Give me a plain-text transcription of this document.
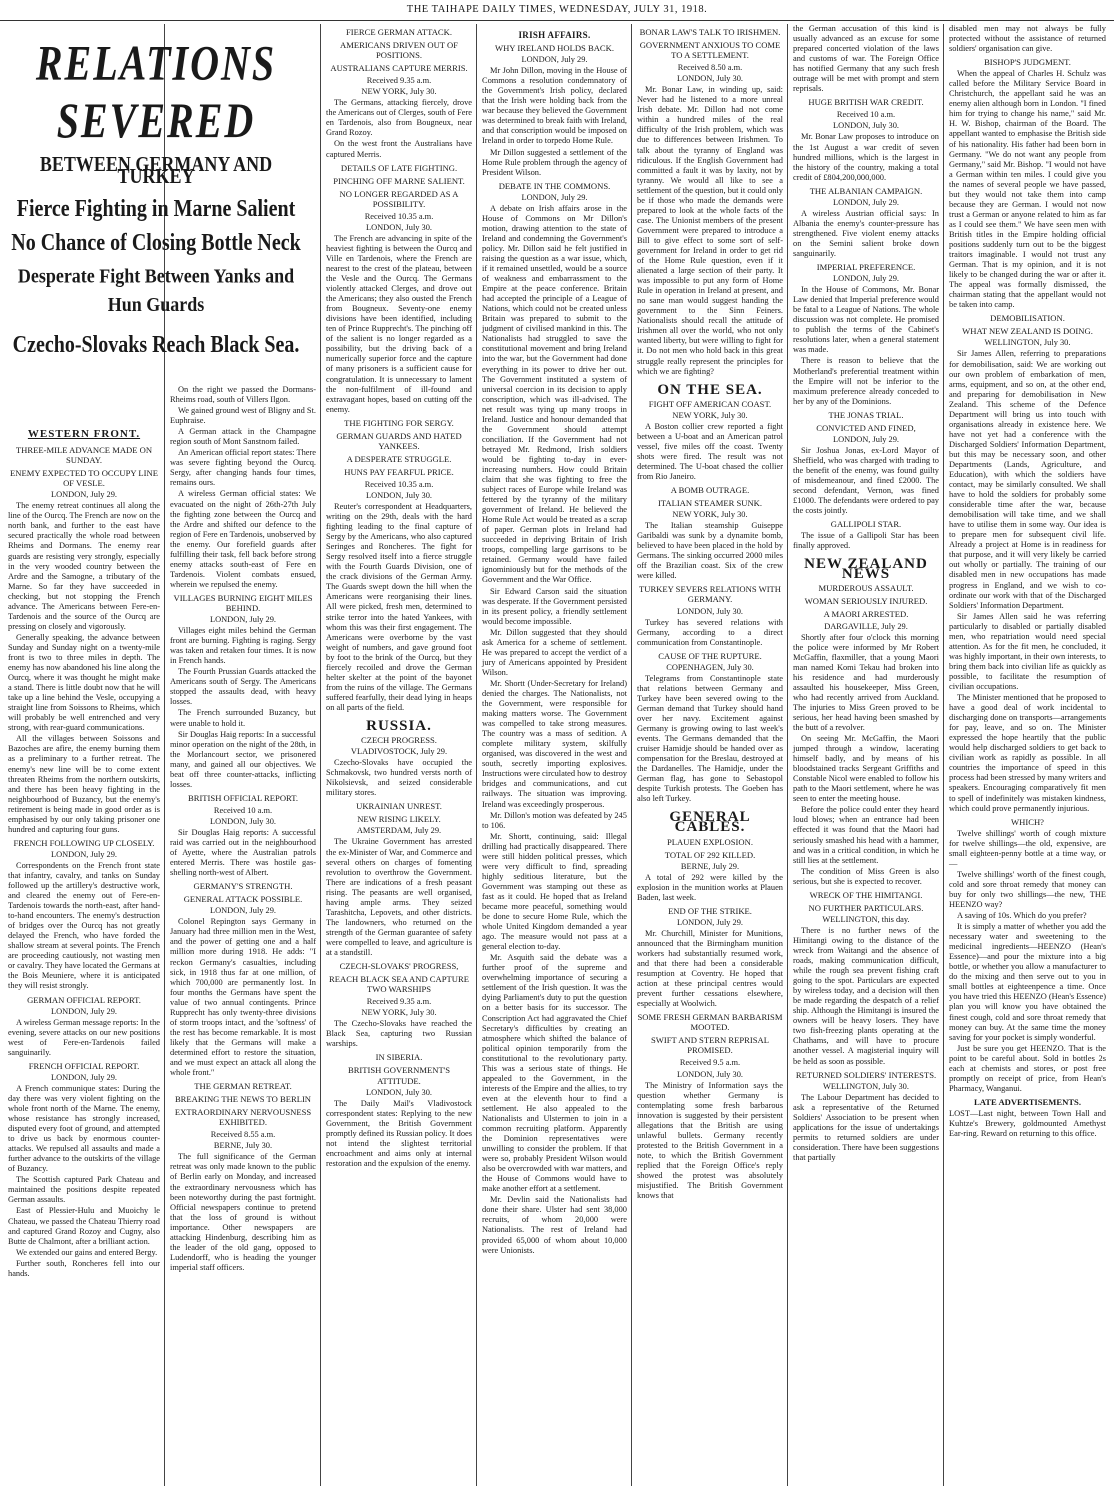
THE TAIHAPE DAILY TIMES, WEDNESDAY, JULY 31, 1918.
RELATIONS SEVERED
BETWEEN GERMANY AND TURKEY
Fierce Fighting in Marne Salient
No Chance of Closing Bottle Neck
Desperate Fight Between Yanks and Hun Guards
Czecho-Slovaks Reach Black Sea.
WESTERN FRONT.
THREE-MILE ADVANCE MADE ON SUNDAY.
ENEMY EXPECTED TO OCCUPY LINE OF VESLE.
LONDON, July 29.

The enemy retreat continues all along the line of the Ourcq. The French are now on the north bank, and further to the east have secured practically the whole road between Rheims and Dormans. The enemy rear guards are resisting very strongly, especially in the very wooded country between the Ardre and the Samogne, a tributary of the Marne. So far they have succeeded in checking, but not stopping the French advance. The Americans between Fere-en-Tardenois and the source of the Ourcq are pressing on closely and vigorously.

Generally speaking, the advance between Sunday and Sunday night on a twenty-mile front is two to three miles in depth. The enemy has now abandoned his line along the Ourcq, where it was thought he might make a stand. There is little doubt now that he will take up a line behind the Vesle, occupying a straight line from Soissons to Rheims, which will probably be well entrenched and very strong, with rear-guard communications.

All the villages between Soissons and Bazoches are afire, the enemy burning them as a preliminary to a further retreat. The enemy's new line will be to come extent threaten Rheims from the northern outskirts, and there has been heavy fighting in the neighbourhood of Buzancy, but the enemy's retirement is being made in good order as is emphasised by our only taking prisoner one hundred and capturing four guns.

FRENCH FOLLOWING UP CLOSELY.
LONDON, July 29.

Correspondents on the French front state that infantry, cavalry, and tanks on Sunday followed up the artillery's destructive work, and cleared the enemy out of Fere-en-Tardenois towards the north-east, after hand-to-hand encounters. The enemy's destruction of bridges over the Ourcq has not greatly delayed the French, who have forded the shallow stream at several points. The French are proceeding cautiously, not wasting men or cavalry. They have located the Germans at the Bois Meuniere, where it is anticipated they will resist strongly.

GERMAN OFFICIAL REPORT.
LONDON, July 29.

A wireless German message reports: In the evening, severe attacks on our new positions west of Fere-en-Tardenois failed sanguinarily.

FRENCH OFFICIAL REPORT.
LONDON, July 29.

A French communique states: During the day there was very violent fighting on the whole front north of the Marne. The enemy, whose resistance has strongly increased, disputed every foot of ground, and attempted to drive us back by enormous counter-attacks. We repulsed all assaults and made a further advance to the outskirts of the village of Buzancy.

The Scottish captured Park Chateau and maintained the positions despite repeated German assaults.

East of Plessier-Hulu and Muoichy le Chateau, we passed the Chateau Thierry road and captured Grand Rozoy and Cugny, also Butte de Chalmont, after a brilliant action.

We extended our gains and entered Bergy.

Further south, Roncheres fell into our hands.

On the right we passed the Dormans-Rheims road, south of Villers Ilgon.

We gained ground west of Bligny and St. Euphraise.

A German attack in the Champagne region south of Mont Sanstnom failed.

An American official report states: There was severe fighting beyond the Ourcq. Sergy, after changing hands four times, remains ours.

A wireless German official states: We evacuated on the night of 26th-27th July the fighting zone between the Ourcq and the Ardre and shifted our defence to the region of Fere en Tardenois, unobserved by the enemy. Our forefield guards after fulfilling their task, fell back before strong enemy attacks south-east of Fere en Tardenois. Violent combats ensued, wherein we repulsed the enemy.

VILLAGES BURNING EIGHT MILES BEHIND.
LONDON, July 29.

Villages eight miles behind the German front are burning. Fighting is raging. Sergy was taken and retaken four times. It is now in French hands.

The Fourth Prussian Guards attacked the Americans south of Sergy. The Americans stopped the assaults dead, with heavy losses.

The French surrounded Buzancy, but were unable to hold it.

Sir Douglas Haig reports: In a successful minor operation on the night of the 28th, in the Morlancourt sector, we prisonered many, and gained all our objectives. We beat off three counter-attacks, inflicting losses.

BRITISH OFFICIAL REPORT.
Received 10 a.m.
LONDON, July 30.

Sir Douglas Haig reports: A successful raid was carried out in the neighbourhood of Ayette, where the Australian patrols entered Merris. There was hostile gas-shelling north-west of Albert.

GERMANY'S STRENGTH.
GENERAL ATTACK POSSIBLE.
LONDON, July 29.

Colonel Repington says Germany in January had three million men in the West, and the power of getting one and a half million more during 1918. He adds: "I reckon Germany's casualties, including sick, in 1918 thus far at one million, of which 700,000 are permanently lost. In four months the Germans have spent the value of two annual contingents. Prince Rupprecht has only twenty-three divisions of storm troops intact, and the 'softness' of the rest has become remarkable. It is most likely that the Germans will make a determined effort to restore the situation, and we must expect an attack all along the whole front."

THE GERMAN RETREAT.
BREAKING THE NEWS TO BERLIN
EXTRAORDINARY NERVOUSNESS EXHIBITED.
Received 8.55 a.m.
BERNE, July 30.

The full significance of the German retreat was only made known to the public of Berlin early on Monday, and increased the extraordinary nervousness which has been noteworthy during the past fortnight. Official newspapers continue to pretend that the loss of ground is without importance. Other newspapers are attacking Hindenburg, describing him as the leader of the old gang, opposed to Ludendorff, who is heading the younger imperial staff officers.

FIERCE GERMAN ATTACK.
AMERICANS DRIVEN OUT OF POSITIONS.
AUSTRALIANS CAPTURE MERRIS.
Received 9.35 a.m.
NEW YORK, July 30.

The Germans, attacking fiercely, drove the Americans out of Clerges, south of Fere en Tardenois, also from Bougneux, near Grand Rozoy.

On the west front the Australians have captured Merris.

DETAILS OF LATE FIGHTING.
PINCHING OFF MARNE SALIENT.
NO LONGER REGARDED AS A POSSIBILITY.
Received 10.35 a.m.
LONDON, July 30.

The French are advancing in spite of the heaviest fighting is between the Ourcq and Ville en Tardenois, where the French are nearest to the crest of the plateau, between the Vesle and the Ourcq. The Germans violently attacked Clerges, and drove out the Americans; they also ousted the French from Bougneux. Seventy-one enemy divisions have been identified, including ten of Prince Rupprecht's. The pinching off of the salient is no longer regarded as a possibility, but the driving back of a numerically superior force and the capture of many prisoners is a sufficient cause for congratulation. It is unnecessary to lament the non-fulfilment of ill-found and extravagant hopes, based on cutting off the enemy.

THE FIGHTING FOR SERGY.
GERMAN GUARDS AND HATED YANKEES.
A DESPERATE STRUGGLE.
HUNS PAY FEARFUL PRICE.
Received 10.35 a.m.
LONDON, July 30.

Reuter's correspondent at Headquarters, writing on the 29th, deals with the hard fighting leading to the final capture of Sergy by the Americans, who also captured Seringes and Roncheres. The fight for Sergy resolved itself into a fierce struggle with the Fourth Guards Division, one of the crack divisions of the German Army. The Guards swept down the hill when the Americans were reorganising their lines. All were picked, fresh men, determined to strike terror into the hated Yankees, with whom this was their first engagement. The Americans were overborne by the vast weight of numbers, and gave ground foot by foot to the brink of the Ourcq, but they fiercely recoiled and drove the German helter skelter at the point of the bayonet from the ruins of the village. The Germans suffered fearfully, their dead lying in heaps on all parts of the field.

RUSSIA.
CZECH PROGRESS.
VLADIVOSTOCK, July 29.

Czecho-Slovaks have occupied the Schmakovsk, two hundred versts north of Nikolsievsk, and seized considerable military stores.

UKRAINIAN UNREST.
NEW RISING LIKELY.
AMSTERDAM, July 29.

The Ukraine Government has arrested the ex-Minister of War, and Commerce and several others on charges of fomenting revolution to overthrow the Government. There are indications of a fresh peasant rising. The peasants are well organised, having ample arms. They seized Tarashitcha, Lepovets, and other districts. The landowners, who returned on the strength of the German guarantee of safety were compelled to leave, and agriculture is at a standstill.

CZECH-SLOVAKS' PROGRESS,
REACH BLACK SEA AND CAPTURE TWO WARSHIPS
Received 9.35 a.m.
NEW YORK, July 30.

The Czecho-Slovaks have reached the Black Sea, capturing two Russian warships.

IN SIBERIA.
BRITISH GOVERNMENT'S ATTITUDE.
LONDON, July 30.

The Daily Mail's Vladivostock correspondent states: Replying to the new Government, the British Government promptly defined its Russian policy. It does not intend the slightest territorial encroachment and aims only at internal restoration and the expulsion of the enemy.

IRISH AFFAIRS.
WHY IRELAND HOLDS BACK.
LONDON, July 29.

Mr John Dillon, moving in the House of Commons a resolution condemnatory of the Government's Irish policy, declared that the Irish were holding back from the war because they believed the Government was determined to break faith with Ireland, and that conscription would be imposed on Ireland in order to torpedo Home Rule.

Mr Dillon suggested a settlement of the Home Rule problem through the agency of President Wilson.

DEBATE IN THE COMMONS.
LONDON, July 29.

A debate on Irish affairs arose in the House of Commons on Mr Dillon's motion, drawing attention to the state of Ireland and condemning the Government's policy. Mr. Dillon said he felt justified in raising the question as a war issue, which, if it remained unsettled, would be a source of weakness and embarrassment to the Empire at the peace conference. Britain had accepted the principle of a League of Nations, which could not be created unless Britain was prepared to submit to the judgment of civilised mankind in this. The Nationalists had struggled to save the constitutional movement and bring Ireland into the war, but the Government had done everything in its power to drive her out. The Government instituted a system of universal coercion in its decision to apply conscription, which was ill-advised. The net result was tying up many troops in Ireland. Justice and honour demanded that the Government should attempt conciliation. If the Government had not betrayed Mr. Redmond, Irish soldiers would be fighting to-day in ever-increasing numbers. How could Britain claim that she was fighting to free the subject races of Europe while Ireland was fettered by the tyranny of the military government of Ireland. He believed the Home Rule Act would be treated as a scrap of paper. German plots in Ireland had succeeded in depriving Britain of Irish troops, compelling large garrisons to be retained. Germany would have failed ignominiously but for the methods of the Government and the War Office.

Sir Edward Carson said the situation was desperate. If the Government persisted in its present policy, a friendly settlement would become impossible.

Mr. Dillon suggested that they should ask America for a scheme of settlement. He was prepared to accept the verdict of a jury of Americans appointed by President Wilson.

Mr. Shortt (Under-Secretary for Ireland) denied the charges. The Nationalists, not the Government, were responsible for making matters worse. The Government was compelled to take strong measures. The country was a mass of sedition. A complete military system, skilfully organised, was discovered in the west and south, secretly importing explosives. Instructions were circulated how to destroy bridges and communications, and cut railways. The situation was improving. Ireland was exceedingly prosperous.

Mr. Dillon's motion was defeated by 245 to 106.

Mr. Shortt, continuing, said: Illegal drilling had practically disappeared. There were still hidden political presses, which were very difficult to find, spreading highly seditious literature, but the Government was stamping out these as fast as it could. He hoped that as Ireland became more peaceful, something would be done to secure Home Rule, which the whole United Kingdom demanded a year ago. The measure would not pass at a general election to-day.

Mr. Asquith said the debate was a further proof of the supreme and overwhelming importance of securing a settlement of the Irish question. It was the dying Parliament's duty to put the question on a better basis for its successor. The Conscription Act had aggravated the Chief Secretary's difficulties by creating an atmosphere which shifted the balance of political opinion temporarily from the constitutional to the revolutionary party. This was a serious state of things. He appealed to the Government, in the interests of the Empire and the allies, to try even at the eleventh hour to find a settlement. He also appealed to the Nationalists and Ulstermen to join in a common recruiting platform. Apparently the Dominion representatives were unwilling to consider the problem. If that were so, probably President Wilson would also be overcrowded with war matters, and the House of Commons would have to make another effort at a settlement.

Mr. Devlin said the Nationalists had done their share. Ulster had sent 38,000 recruits, of whom 20,000 were Nationalists. The rest of Ireland had provided 65,000 of whom about 10,000 were Unionists.

BONAR LAW'S TALK TO IRISHMEN.
GOVERNMENT ANXIOUS TO COME TO A SETTLEMENT.
Received 8.50 a.m.
LONDON, July 30.

Mr. Bonar Law, in winding up, said: Never had he listened to a more unreal Irish debate. Mr. Dillon had not come within a hundred miles of the real difficulty of the Irish problem, which was due to differences between Irishmen. To talk about the tyranny of England was ridiculous. If the English Government had committed a fault it was by laxity, not by tyranny. We would all like to see a settlement of the question, but it could only be if those who made the demands were prepared to look at the whole facts of the case. The Unionist members of the present Government were prepared to introduce a Bill to give effect to some sort of self-government for Ireland in order to get rid of the Home Rule question, even if it alienated a large section of their party. It was impossible to put any form of Home Rule in operation in Ireland at present, and no sane man would suggest handing the government to the Sinn Feiners. Nationalists should recall the attitude of Irishmen all over the world, who not only wanted liberty, but were willing to fight for it. Do not men who hold back in this great struggle really represent the principles for which we are fighting?

ON THE SEA.
FIGHT OFF AMERICAN COAST.
NEW YORK, July 30.

A Boston collier crew reported a fight between a U-boat and an American patrol vessel, five miles off the coast. Twenty shots were fired. The result was not determined. The U-boat chased the collier from Rio Janeiro.

A BOMB OUTRAGE.
ITALIAN STEAMER SUNK.
NEW YORK, July 30.

The Italian steamship Guiseppe Garibaldi was sunk by a dynamite bomb, believed to have been placed in the hold by Germans. The sinking occurred 2000 miles off the Brazilian coast. Six of the crew were killed.

TURKEY SEVERS RELATIONS WITH GERMANY.
LONDON, July 30.

Turkey has severed relations with Germany, according to a direct communication from Constantinople.

CAUSE OF THE RUPTURE.
COPENHAGEN, July 30.

Telegrams from Constantinople state that relations between Germany and Turkey have been severed owing to the German demand that Turkey should hand over her navy. Excitement against Germany is growing owing to last week's events. The Germans demanded that the cruiser Hamidje should be handed over as compensation for the Breslau, destroyed at the Dardanelles. The Hamidje, under the German flag, has gone to Sebastopol despite Turkish protests. The Goeben has also left Turkey.

GENERAL CABLES.
PLAUEN EXPLOSION.
TOTAL OF 292 KILLED.
BERNE, July 29.

A total of 292 were killed by the explosion in the munition works at Plauen Baden, last week.

END OF THE STRIKE.
LONDON, July 29.

Mr. Churchill, Minister for Munitions, announced that the Birmingham munition workers had substantially resumed work, and that there had been a considerable resumption at Coventry. He hoped that action at these principal centres would prevent further cessations elsewhere, especially at Woolwich.

SOME FRESH GERMAN BARBARISM MOOTED.
SWIFT AND STERN REPRISAL PROMISED.
Received 9.5 a.m.
LONDON, July 30.

The Ministry of Information says the question whether Germany is contemplating some fresh barbarous innovation is suggested by their persistent allegations that the British are using unlawful bullets. Germany recently protested to the British Government in a note, to which the British Government replied that the Foreign Office's reply showed the protest was absolutely misjustified. The British Government knows that

the German accusation of this kind is usually advanced as an excuse for some prepared concerted violation of the laws and customs of war. The Foreign Office has notified Germany that any such fresh outrage will be met with prompt and stern reprisals.

HUGE BRITISH WAR CREDIT.
Received 10 a.m.
LONDON, July 30.

Mr. Bonar Law proposes to introduce on the 1st August a war credit of seven hundred millions, which is the largest in the history of the country, making a total credit of £804,200,000,000.

THE ALBANIAN CAMPAIGN.
LONDON, July 29.

A wireless Austrian official says: In Albania the enemy's counter-pressure has strengthened. Five violent enemy attacks on the Semini salient broke down sanguinarily.

IMPERIAL PREFERENCE.
LONDON, July 29.

In the House of Commons, Mr. Bonar Law denied that Imperial preference would be fatal to a League of Nations. The whole discussion was not complete. He promised to publish the terms of the Cabinet's resolutions later, when a general statement was made.

There is reason to believe that the Motherland's preferential treatment within the Empire will not be inferior to the maximum preference already conceded to her by any of the Dominions.

THE JONAS TRIAL.
CONVICTED AND FINED,
LONDON, July 29.

Sir Joshua Jonas, ex-Lord Mayor of Sheffield, who was charged with trading to the benefit of the enemy, was found guilty of misdemeanour, and fined £2000. The second defendant, Vernon, was fined £1000. The defendants were ordered to pay the costs jointly.

GALLIPOLI STAR.

The issue of a Gallipoli Star has been finally approved.

NEW ZEALAND NEWS
MURDEROUS ASSAULT.
WOMAN SERIOUSLY INJURED.
A MAORI ARRESTED.
DARGAVILLE, July 29.

Shortly after four o'clock this morning the police were informed by Mr Robert McGaffin, flaxmiller, that a young Maori man named Komi Tekau had broken into his residence and had murderously assaulted his housekeeper, Miss Green, who had recently arrived from Auckland. The injuries to Miss Green proved to be serious, her head having been smashed by the butt of a revolver.

On seeing Mr. McGaffin, the Maori jumped through a window, lacerating himself badly, and by means of his bloodstained tracks Sergeant Griffiths and Constable Nicol were enabled to follow his path to the Maori settlement, where he was seen to enter the meeting house.

Before the police could enter they heard loud blows; when an entrance had been effected it was found that the Maori had seriously smashed his head with a hammer, and was in a critical condition, in which he still lies at the settlement.

The condition of Miss Green is also serious, but she is expected to recover.

WRECK OF THE HIMITANGI.
NO FURTHER PARTICULARS.
WELLINGTON, this day.

There is no further news of the Himitangi owing to the distance of the wreck from Waitangi and the absence of roads, making communication difficult, while the rough sea prevent fishing craft going to the spot. Particulars are expected by wireless today, and a decision will then be made regarding the despatch of a relief ship. Although the Himitangi is insured the owners will be heavy losers. They have two fish-freezing plants operating at the Chathams, and will have to procure another vessel. A magisterial inquiry will be held as soon as possible.

RETURNED SOLDIERS' INTERESTS.
WELLINGTON, July 30.

The Labour Department has decided to ask a representative of the Returned Soldiers' Association to be present when applications for the issue of undertakings permits to returned soldiers are under consideration. There have been suggestions that partially

disabled men may not always be fully protected without the assistance of returned soldiers' organisation can give.

BISHOP'S JUDGMENT.

When the appeal of Charles H. Schulz was called before the Military Service Board in Christchurch, the appellant said he was an enemy alien although born in London. "I fined him for trying to change his name," said Mr. H. W. Bishop, chairman of the Board. The appellant wanted to emphasise the British side of his nationality. His father had been born in Germany. "We do not want any people from Germany," said Mr. Bishop. "I would not have a German within ten miles. I could give you the names of several people we have passed, but they would not take them into camp because they are German. I would not now trust a German or anyone related to him as far as I could see them." We have seen men with British titles in the Empire holding official positions suddenly turn out to be the biggest traitors imaginable. I would not trust any German. That is my opinion, and it is not likely to be changed during the war or after it. The appeal was formally dismissed, the chairman stating that the appellant would not be taken into camp.

DEMOBILISATION.
WHAT NEW ZEALAND IS DOING.
WELLINGTON, July 30.

Sir James Allen, referring to preparations for demobilisation, said: We are working out our own problem of embarkation of men, arms, equipment, and so on, at the other end, and preparing for demobilisation in New Zealand. This scheme of the Defence Department will bring us into touch with organisations already in existence here. We have not yet had a conference with the Discharged Soldiers' Information Department, but this may be necessary soon, and other Departments (Lands, Agriculture, and Education), with which the soldiers have contact, may be similarly consulted. We shall have to hold the soldiers for probably some considerable time after the war, because demobilisation will take time, and we shall have to utilise them in some way. Our idea is to prepare men for subsequent civil life. Already a project at Home is in readiness for that purpose, and it will very likely be carried out wholly or partially. The training of our disabled men in new occupations has made progress in England, and we wish to co-ordinate our work with that of the Discharged Soldiers' Information Department.

Sir James Allen said he was referring particularly to disabled or partially disabled men, who repatriation would need special attention. As for the fit men, he concluded, it was highly important, in their own interests, to bring them back into civilian life as quickly as possible, to facilitate the resumption of civilian occupations.

The Minister mentioned that he proposed to have a good deal of work incidental to discharging done on transports—arrangements for pay, leave, and so on. The Minister expressed the hope heartily that the public would help discharged soldiers to get back to civilian work as rapidly as possible. In all countries the importance of speed in this process had been stressed by many writers and speakers. Encouraging comparatively fit men to spell of indefinitely was mistaken kindness, which could prove permanently injurious.

WHICH?

Twelve shillings' worth of cough mixture for twelve shillings—the old, expensive, are small eighteen-penny bottle at a time way, or—

Twelve shillings' worth of the finest cough, cold and sore throat remedy that money can buy for only two shillings—the new, THE HEENZO way?

A saving of 10s. Which do you prefer?

It is simply a matter of whether you add the necessary water and sweetening to the medicinal ingredients—HEENZO (Hean's Essence)—and pour the mixture into a big bottle, or whether you allow a manufacturer to do the mixing and then serve out to you in small bottles at eighteenpence a time. Once you have tried this HEENZO (Hean's Essence) plan you will know you have obtained the finest cough, cold and sore throat remedy that money can buy. At the same time the money saving for your pocket is simply wonderful.

Just be sure you get HEENZO. That is the point to be careful about. Sold in bottles 2s each at chemists and stores, or post free promptly on receipt of price, from Hean's Pharmacy, Wanganui.

LATE ADVERTISEMENTS.

LOST—Last night, between Town Hall and Kuhtze's Brewery, goldmounted Amethyst Ear-ring. Reward on returning to this office.
